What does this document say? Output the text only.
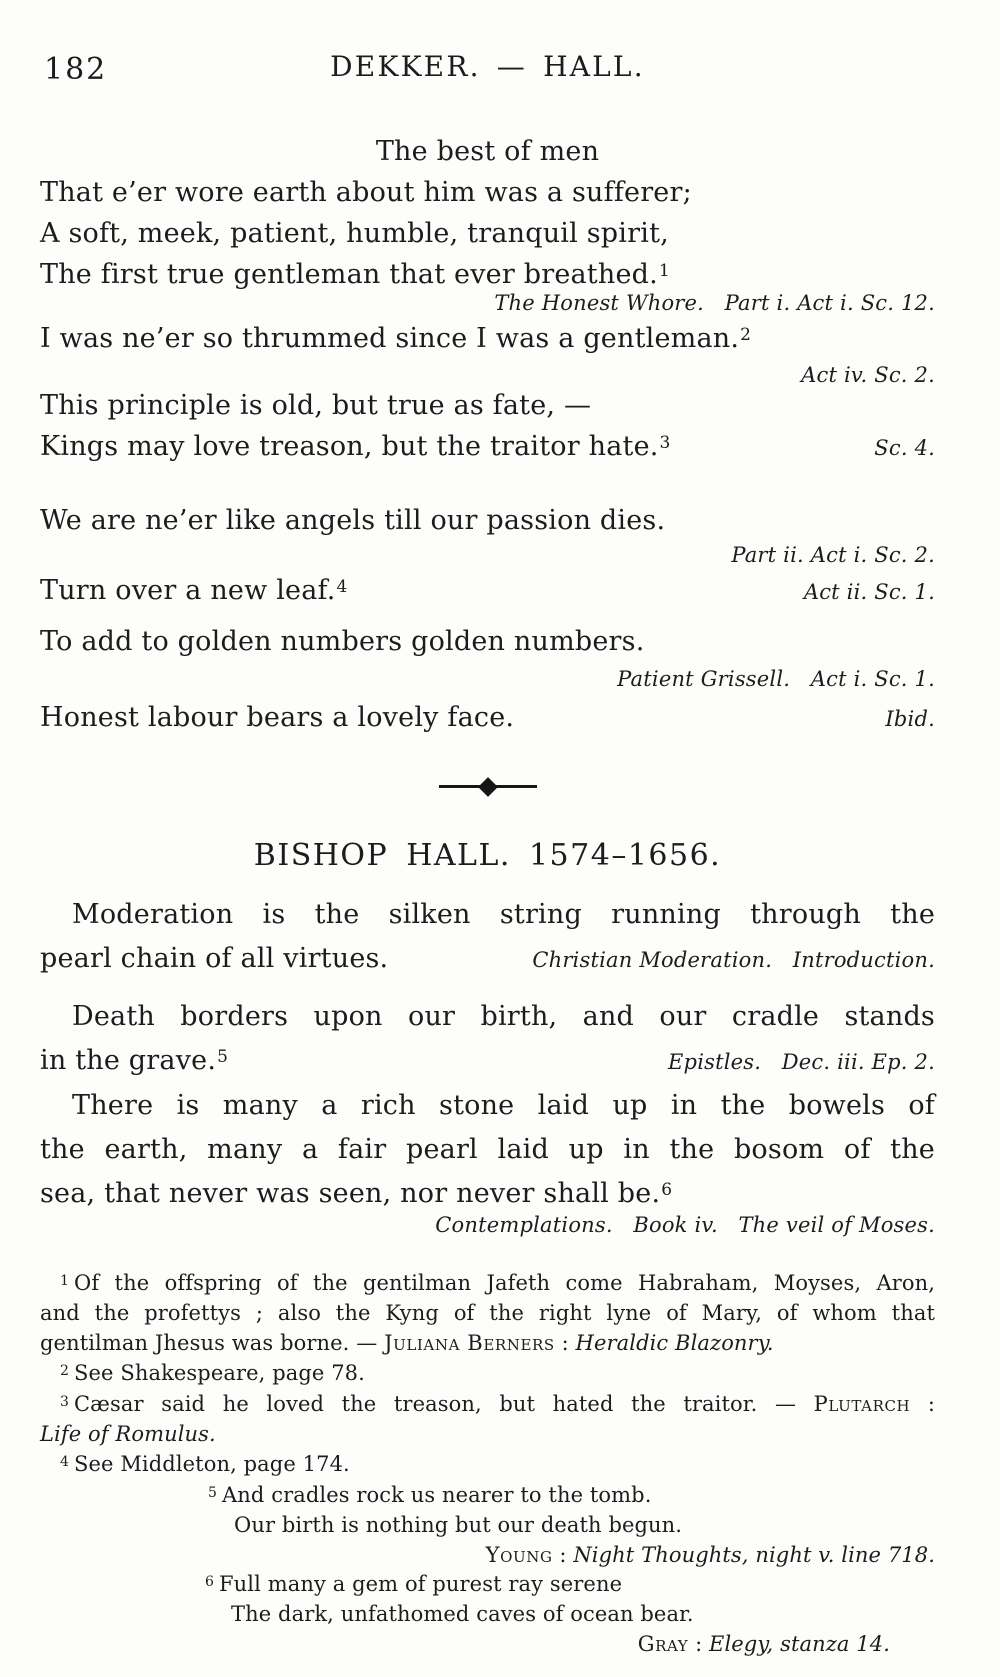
182	DEKKER. — HALL.
The best of men
That e’er wore earth about him was a sufferer;
A soft, meek, patient, humble, tranquil spirit,
The first true gentleman that ever breathed.$^1$
The Honest Whore.   Part i. Act i. Sc. 12.
I was ne’er so thrummed since I was a gentleman.$^2$
Act iv. Sc. 2.
This principle is old, but true as fate, —
Kings may love treason, but the traitor hate.$^3$	Sc. 4.
We are ne’er like angels till our passion dies.
Part ii. Act i. Sc. 2.
Turn over a new leaf.$^4$	Act ii. Sc. 1.
To add to golden numbers golden numbers.
Patient Grissell.   Act i. Sc. 1.
Honest labour bears a lovely face.	Ibid.
BISHOP HALL. 1574–1656.
Moderation is the silken string running through the
pearl chain of all virtues.	Christian Moderation.   Introduction.
Death borders upon our birth, and our cradle stands
in the grave.$^5$	Epistles.   Dec. iii. Ep. 2.
There is many a rich stone laid up in the bowels of
the earth, many a fair pearl laid up in the bosom of the
sea, that never was seen, nor never shall be.$^6$
Contemplations.   Book iv.   The veil of Moses.
$^1$ Of the offspring of the gentilman Jafeth come Habraham, Moyses, Aron,
and the profettys ; also the Kyng of the right lyne of Mary, of whom that
gentilman Jhesus was borne. — Juliana Berners : Heraldic Blazonry.
$^2$ See Shakespeare, page 78.
$^3$ Cæsar said he loved the treason, but hated the traitor. — Plutarch :
Life of Romulus.
$^4$ See Middleton, page 174.
$^5$ And cradles rock us nearer to the tomb.
Our birth is nothing but our death begun.
Young : Night Thoughts, night v. line 718.
$^6$ Full many a gem of purest ray serene
The dark, unfathomed caves of ocean bear.
Gray : Elegy, stanza 14.
